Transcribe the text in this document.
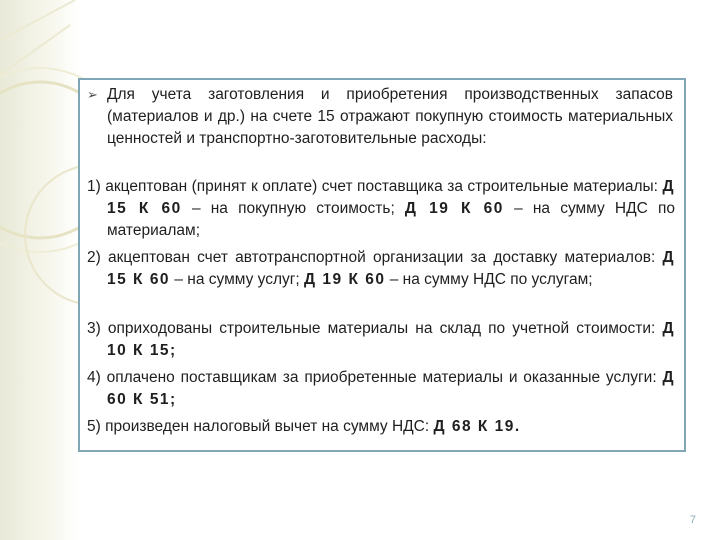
➢ Для учета заготовления и приобретения производственных запасов (материалов и др.) на счете 15 отражают покупную стоимость материальных ценностей и транспортно-заготовительные расходы:
1) акцептован (принят к оплате) счет поставщика за строительные материалы: Д 15 К 60 – на покупную стоимость; Д 19 К 60 – на сумму НДС по материалам;
2) акцептован счет автотранспортной организации за доставку материалов: Д 15 К 60 – на сумму услуг; Д 19 К 60 – на сумму НДС по услугам;
3) оприходованы строительные материалы на склад по учетной стоимости: Д 10 К 15;
4) оплачено поставщикам за приобретенные материалы и оказанные услуги: Д 60 К 51;
5) произведен налоговый вычет на сумму НДС: Д 68 К 19.
7
